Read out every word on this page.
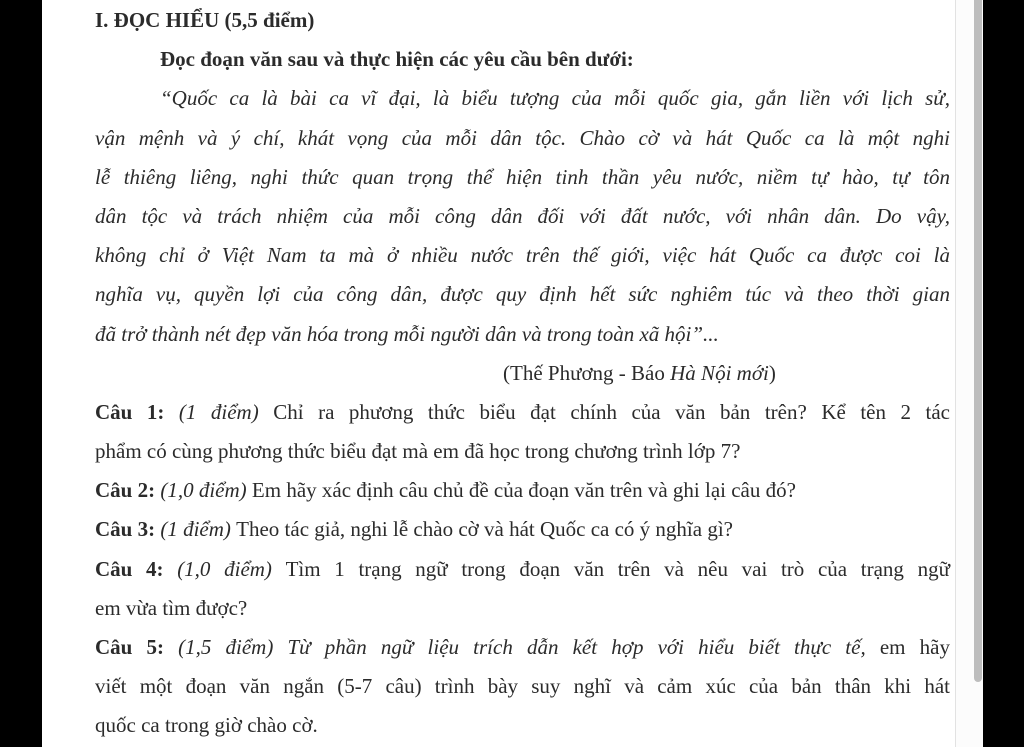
I. ĐỌC HIỂU (5,5 điểm)
Đọc đoạn văn sau và thực hiện các yêu cầu bên dưới:
“Quốc ca là bài ca vĩ đại, là biểu tượng của mỗi quốc gia, gắn liền với lịch sử,
vận mệnh và ý chí, khát vọng của mỗi dân tộc. Chào cờ và hát Quốc ca là một nghi
lễ thiêng liêng, nghi thức quan trọng thể hiện tinh thần yêu nước, niềm tự hào, tự tôn
dân tộc và trách nhiệm của mỗi công dân đối với đất nước, với nhân dân. Do vậy,
không chỉ ở Việt Nam ta mà ở nhiều nước trên thế giới, việc hát Quốc ca được coi là
nghĩa vụ, quyền lợi của công dân, được quy định hết sức nghiêm túc và theo thời gian
đã trở thành nét đẹp văn hóa trong mỗi người dân và trong toàn xã hội”...
(Thế Phương - Báo Hà Nội mới)
Câu 1: (1 điểm) Chỉ ra phương thức biểu đạt chính của văn bản trên? Kể tên 2 tác
phẩm có cùng phương thức biểu đạt mà em đã học trong chương trình lớp 7?
Câu 2: (1,0 điểm) Em hãy xác định câu chủ đề của đoạn văn trên và ghi lại câu đó?
Câu 3: (1 điểm) Theo tác giả, nghi lễ chào cờ và hát Quốc ca có ý nghĩa gì?
Câu 4: (1,0 điểm) Tìm 1 trạng ngữ trong đoạn văn trên và nêu vai trò của trạng ngữ
em vừa tìm được?
Câu 5: (1,5 điểm) Từ phần ngữ liệu trích dẫn kết hợp với hiểu biết thực tế, em hãy
viết một đoạn văn ngắn (5-7 câu) trình bày suy nghĩ và cảm xúc của bản thân khi hát
quốc ca trong giờ chào cờ.
